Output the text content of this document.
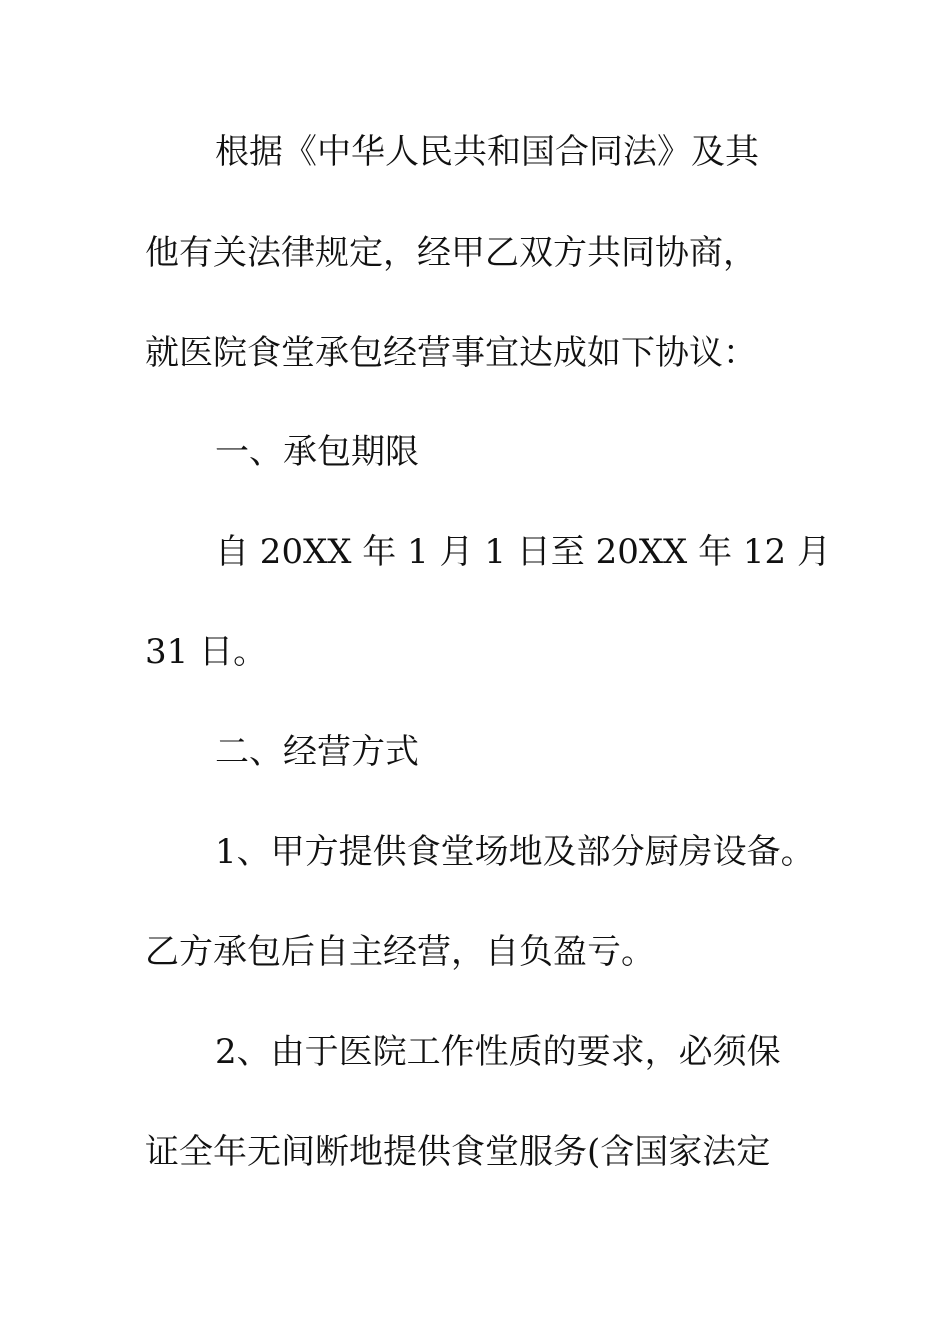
根据《中华人民共和国合同法》及其
他有关法律规定，经甲乙双方共同协商，
就医院食堂承包经营事宜达成如下协议：
一、承包期限
自 20XX 年 1 月 1 日至 20XX 年 12 月
31 日。
二、经营方式
1、甲方提供食堂场地及部分厨房设备。
乙方承包后自主经营，自负盈亏。
2、由于医院工作性质的要求，必须保
证全年无间断地提供食堂服务(含国家法定
